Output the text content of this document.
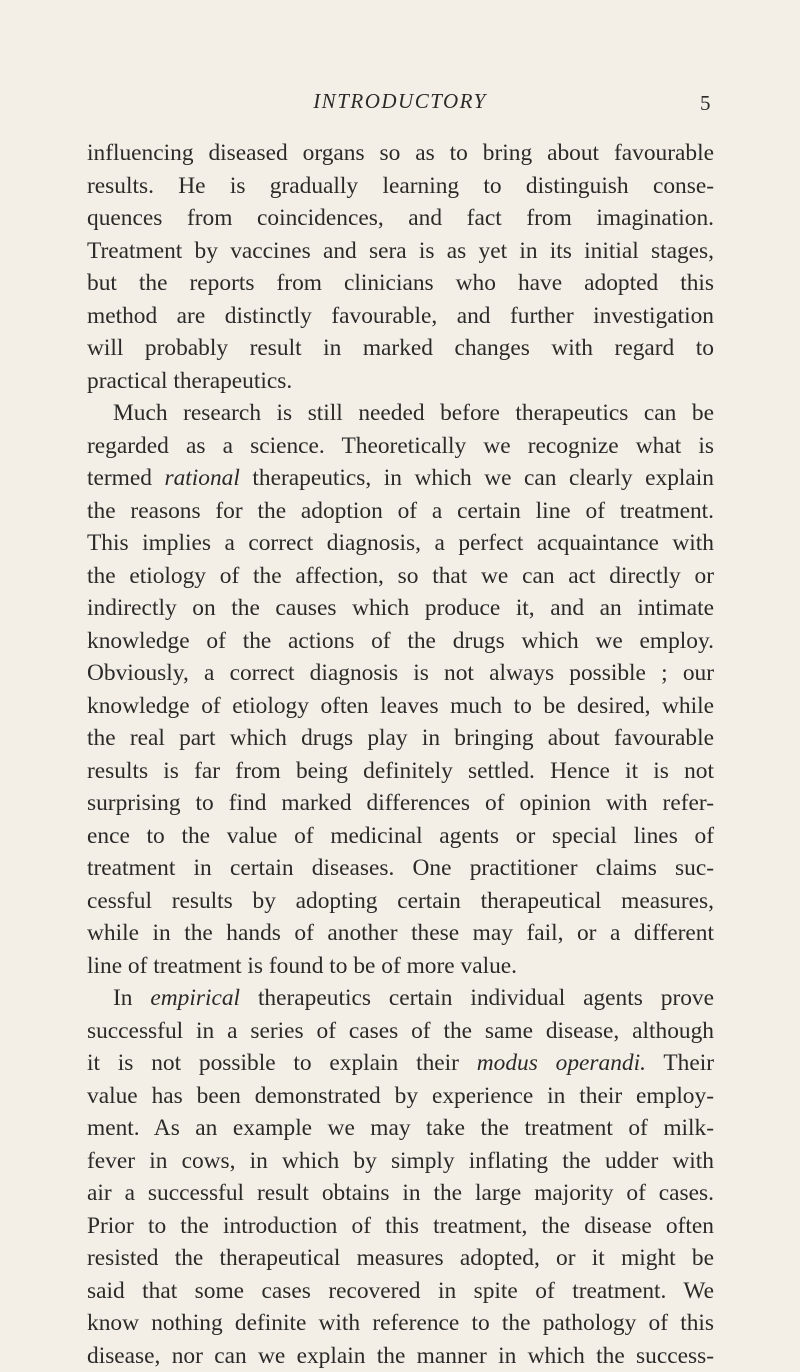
INTRODUCTORY	5
influencing diseased organs so as to bring about favourable
results. He is gradually learning to distinguish conse-
quences from coincidences, and fact from imagination.
Treatment by vaccines and sera is as yet in its initial stages,
but the reports from clinicians who have adopted this
method are distinctly favourable, and further investigation
will probably result in marked changes with regard to
practical therapeutics.
Much research is still needed before therapeutics can be
regarded as a science. Theoretically we recognize what is
termed rational therapeutics, in which we can clearly explain
the reasons for the adoption of a certain line of treatment.
This implies a correct diagnosis, a perfect acquaintance with
the etiology of the affection, so that we can act directly or
indirectly on the causes which produce it, and an intimate
knowledge of the actions of the drugs which we employ.
Obviously, a correct diagnosis is not always possible ; our
knowledge of etiology often leaves much to be desired, while
the real part which drugs play in bringing about favourable
results is far from being definitely settled. Hence it is not
surprising to find marked differences of opinion with refer-
ence to the value of medicinal agents or special lines of
treatment in certain diseases. One practitioner claims suc-
cessful results by adopting certain therapeutical measures,
while in the hands of another these may fail, or a different
line of treatment is found to be of more value.
In empirical therapeutics certain individual agents prove
successful in a series of cases of the same disease, although
it is not possible to explain their modus operandi. Their
value has been demonstrated by experience in their employ-
ment. As an example we may take the treatment of milk-
fever in cows, in which by simply inflating the udder with
air a successful result obtains in the large majority of cases.
Prior to the introduction of this treatment, the disease often
resisted the therapeutical measures adopted, or it might be
said that some cases recovered in spite of treatment. We
know nothing definite with reference to the pathology of this
disease, nor can we explain the manner in which the success-
